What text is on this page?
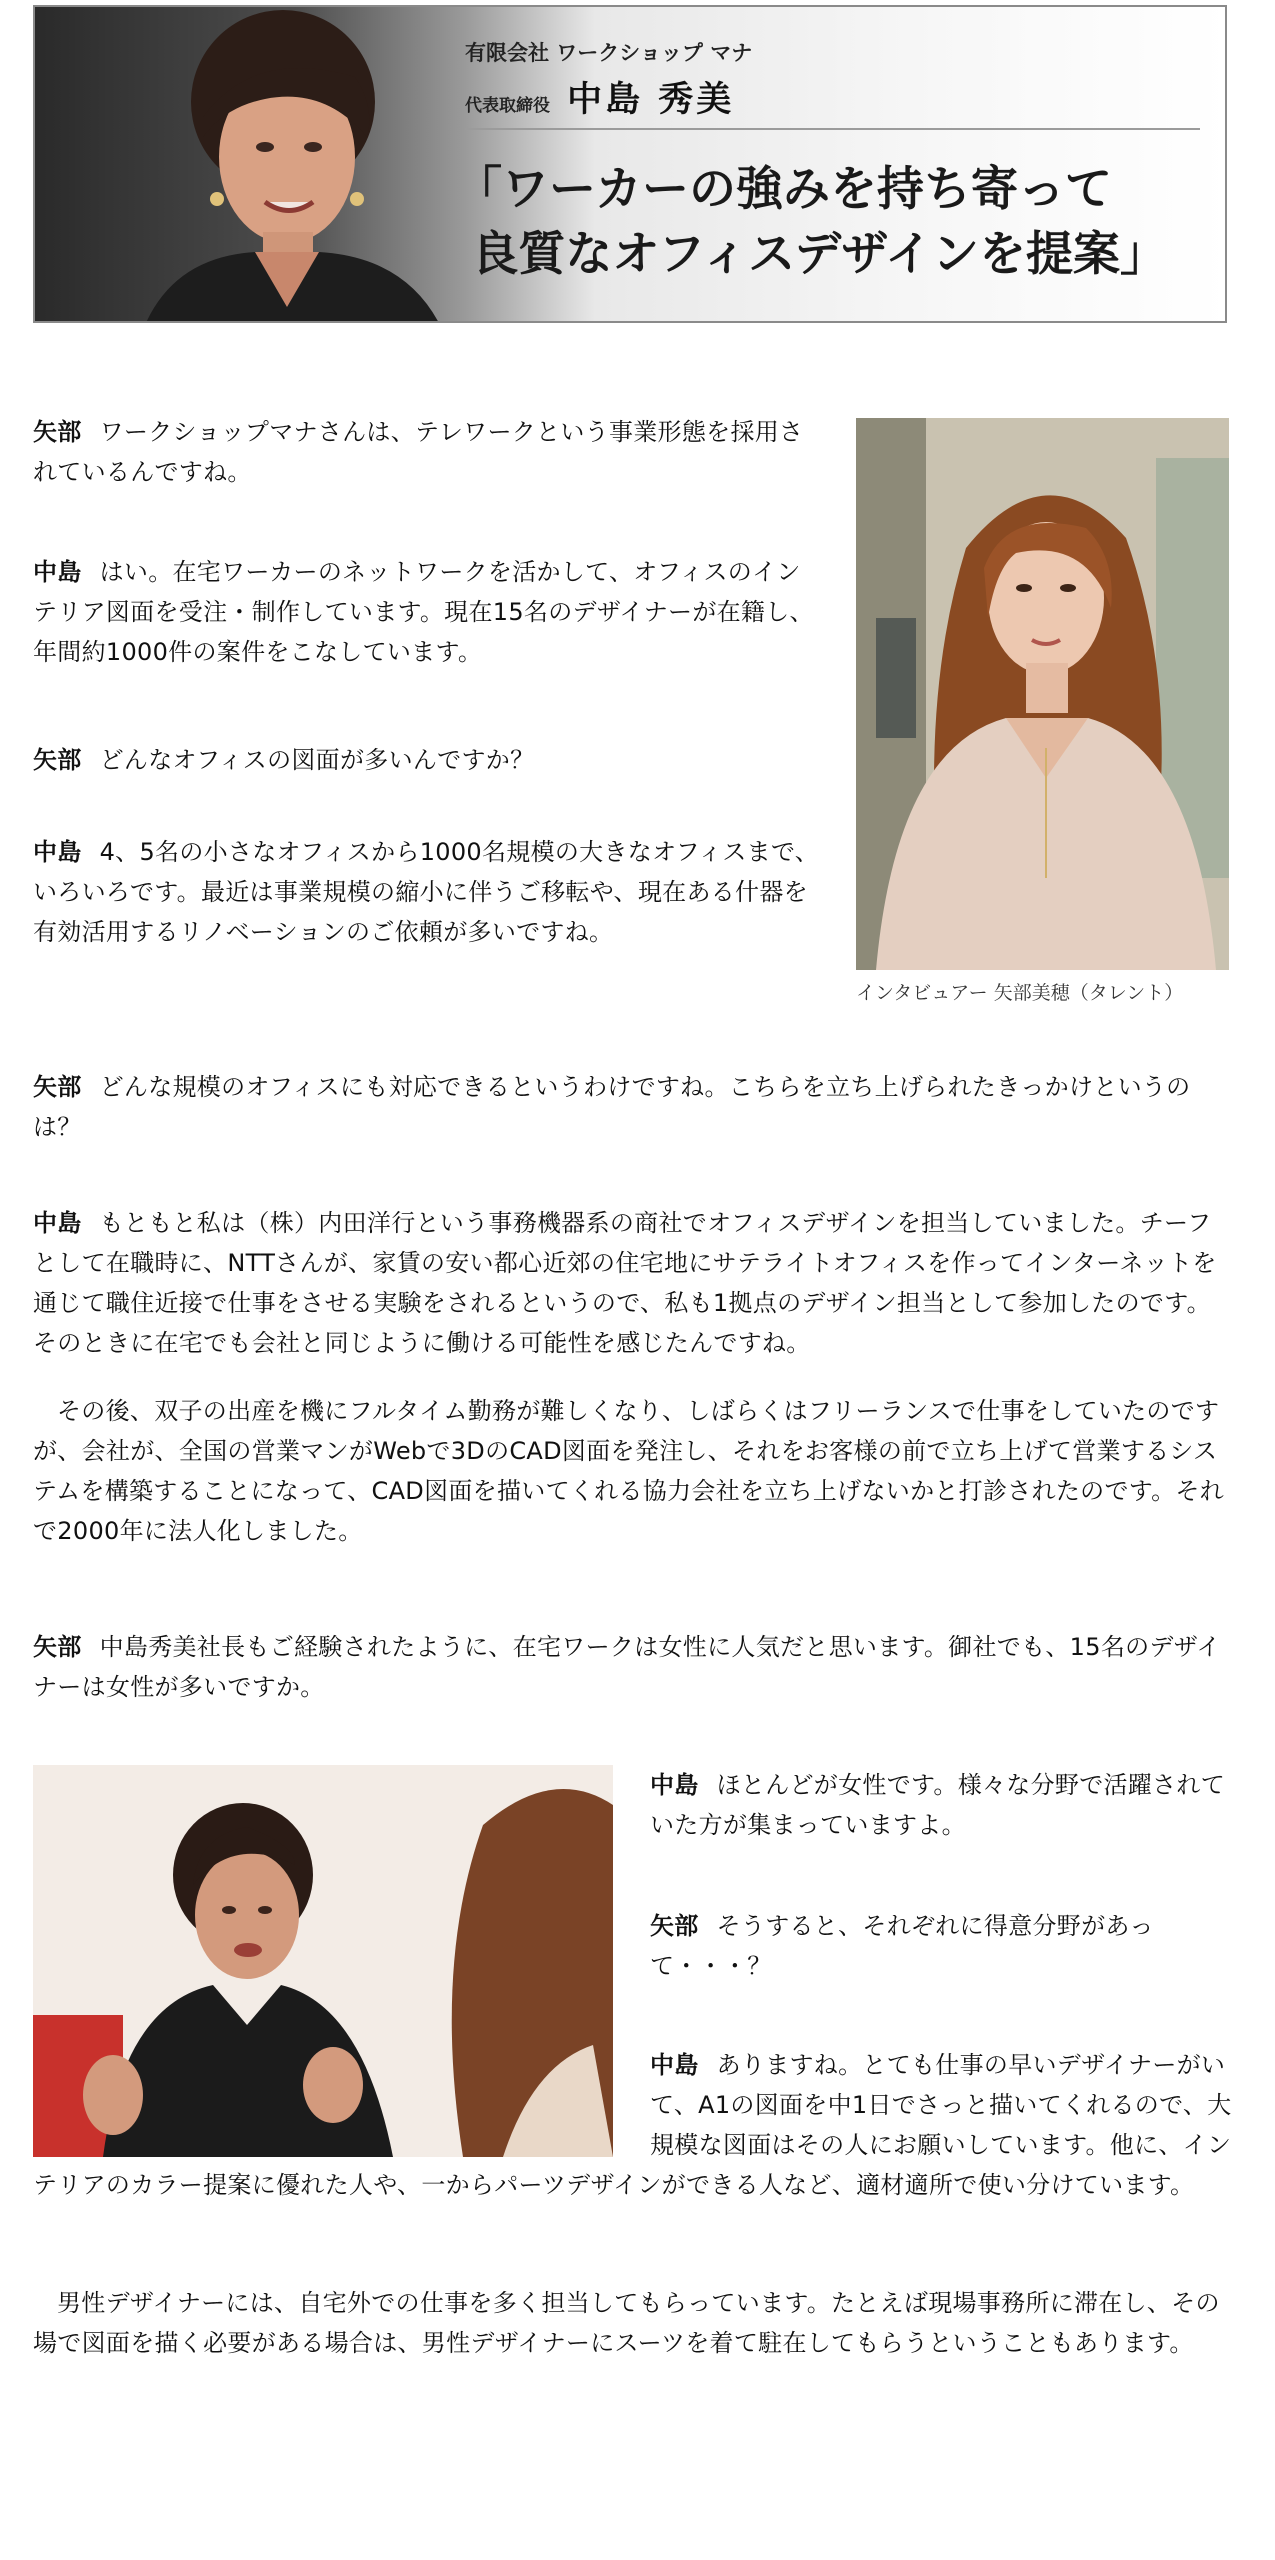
有限会社 ワークショップ マナ
代表取締役 中島 秀美
「ワーカーの強みを持ち寄って
良質なオフィスデザインを提案」
インタビュアー 矢部美穂（タレント）
矢部 ワークショップマナさんは、テレワークという事業形態を採用されているんですね。
中島 はい。在宅ワーカーのネットワークを活かして、オフィスのインテリア図面を受注・制作しています。現在15名のデザイナーが在籍し、年間約1000件の案件をこなしています。
矢部 どんなオフィスの図面が多いんですか？
中島 4、5名の小さなオフィスから1000名規模の大きなオフィスまで、いろいろです。最近は事業規模の縮小に伴うご移転や、現在ある什器を有効活用するリノベーションのご依頼が多いですね。
矢部 どんな規模のオフィスにも対応できるというわけですね。こちらを立ち上げられたきっかけというのは？
中島 もともと私は（株）内田洋行という事務機器系の商社でオフィスデザインを担当していました。チーフとして在職時に、NTTさんが、家賃の安い都心近郊の住宅地にサテライトオフィスを作ってインターネットを通じて職住近接で仕事をさせる実験をされるというので、私も1拠点のデザイン担当として参加したのです。そのときに在宅でも会社と同じように働ける可能性を感じたんですね。
その後、双子の出産を機にフルタイム勤務が難しくなり、しばらくはフリーランスで仕事をしていたのですが、会社が、全国の営業マンがWebで3DのCAD図面を発注し、それをお客様の前で立ち上げて営業するシステムを構築することになって、CAD図面を描いてくれる協力会社を立ち上げないかと打診されたのです。それで2000年に法人化しました。
矢部 中島秀美社長もご経験されたように、在宅ワークは女性に人気だと思います。御社でも、15名のデザイナーは女性が多いですか。
中島 ほとんどが女性です。様々な分野で活躍されていた方が集まっていますよ。
矢部 そうすると、それぞれに得意分野があって・・・？
中島 ありますね。とても仕事の早いデザイナーがいて、A1の図面を中1日でさっと描いてくれるので、大規模な図面はその人にお願いしています。他に、インテリアのカラー提案に優れた人や、一からパーツデザインができる人など、適材適所で使い分けています。
男性デザイナーには、自宅外での仕事を多く担当してもらっています。たとえば現場事務所に滞在し、その場で図面を描く必要がある場合は、男性デザイナーにスーツを着て駐在してもらうということもあります。
